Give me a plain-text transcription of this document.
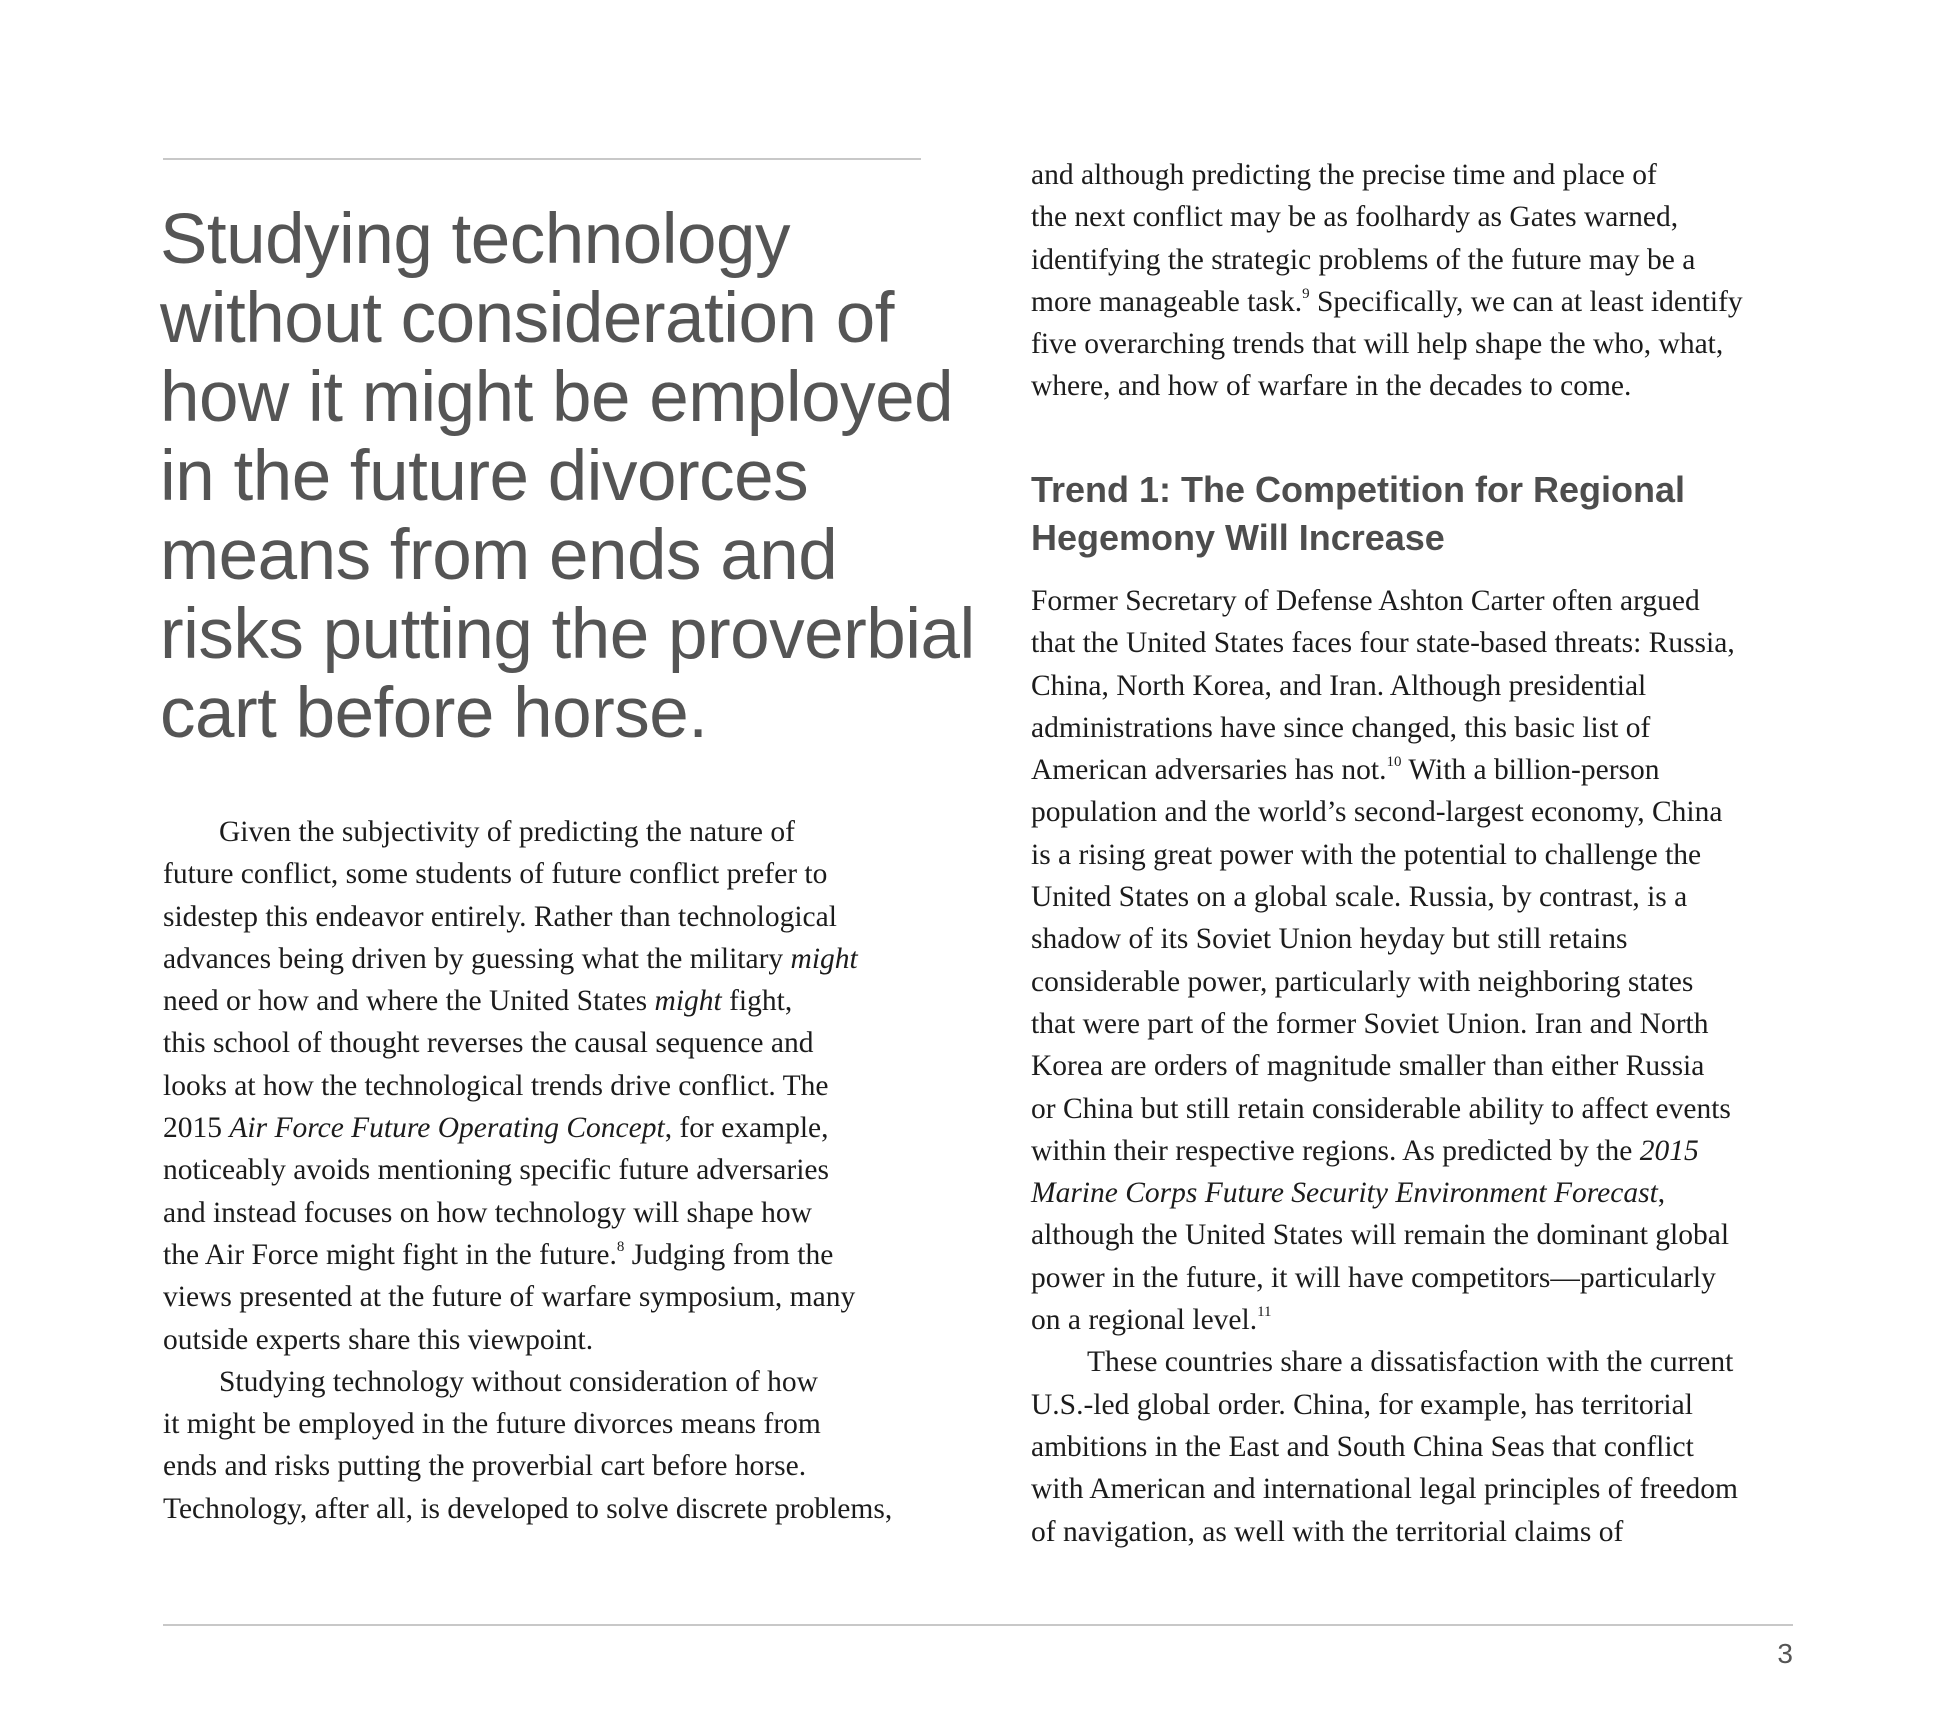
Studying technology
without consideration of
how it might be employed
in the future divorces
means from ends and
risks putting the proverbial
cart before horse.
Given the subjectivity of predicting the nature of
future conflict, some students of future conflict prefer to
sidestep this endeavor entirely. Rather than technological
advances being driven by guessing what the military might
need or how and where the United States might fight,
this school of thought reverses the causal sequence and
looks at how the technological trends drive conflict. The
2015 Air Force Future Operating Concept, for example,
noticeably avoids mentioning specific future adversaries
and instead focuses on how technology will shape how
the Air Force might fight in the future.$^8$ Judging from the
views presented at the future of warfare symposium, many
outside experts share this viewpoint.
Studying technology without consideration of how
it might be employed in the future divorces means from
ends and risks putting the proverbial cart before horse.
Technology, after all, is developed to solve discrete problems,
and although predicting the precise time and place of
the next conflict may be as foolhardy as Gates warned,
identifying the strategic problems of the future may be a
more manageable task.$^9$ Specifically, we can at least identify
five overarching trends that will help shape the who, what,
where, and how of warfare in the decades to come.
Trend 1: The Competition for Regional
Hegemony Will Increase
Former Secretary of Defense Ashton Carter often argued
that the United States faces four state-based threats: Russia,
China, North Korea, and Iran. Although presidential
administrations have since changed, this basic list of
American adversaries has not.$^{10}$ With a billion-person
population and the world’s second-largest economy, China
is a rising great power with the potential to challenge the
United States on a global scale. Russia, by contrast, is a
shadow of its Soviet Union heyday but still retains
considerable power, particularly with neighboring states
that were part of the former Soviet Union. Iran and North
Korea are orders of magnitude smaller than either Russia
or China but still retain considerable ability to affect events
within their respective regions. As predicted by the 2015
Marine Corps Future Security Environment Forecast,
although the United States will remain the dominant global
power in the future, it will have competitors—particularly
on a regional level.$^{11}$
These countries share a dissatisfaction with the current
U.S.-led global order. China, for example, has territorial
ambitions in the East and South China Seas that conflict
with American and international legal principles of freedom
of navigation, as well with the territorial claims of
3
